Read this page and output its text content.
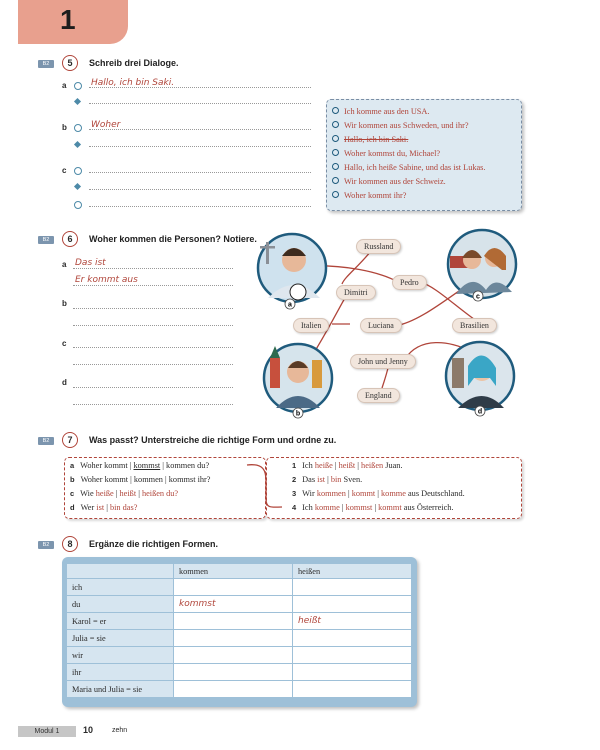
1
B2	5	Schreib drei Dialoge.
a	Hallo, ich bin Saki.
b	Woher
c
Ich komme aus den USA.
Wir kommen aus Schweden, und ihr?
Hallo, ich bin Saki.
Woher kommst du, Michael?
Hallo, ich heiße Sabine, und das ist Lukas.
Wir kommen aus der Schweiz.
Woher kommt ihr?
B2	6	Woher kommen die Personen? Notiere.
a Das ist
Er kommt aus
b
c
d
a
c
b	d
Russland
Pedro
Dimitri
Brasilien
Italien	Luciana
John und Jenny
England
B2	7	Was passt? Unterstreiche die richtige Form und ordne zu.
a Woher kommt | kommst | kommen du?
b Woher kommt | kommen | kommst ihr?
c Wie heiße | heißt | heißen du?
d Wer ist | bin das?
1 Ich heiße | heißt | heißen Juan.
2 Das ist | bin Sven.
3 Wir kommen | kommt | komme aus Deutschland.
4 Ich komme | kommst | kommt aus Österreich.
B2	8	Ergänze die richtigen Formen.
	kommen	heißen
ich		
du	kommst	
Karol = er		heißt
Julia = sie		
wir		
ihr		
Maria und Julia = sie		
Modul 1	10	zehn
